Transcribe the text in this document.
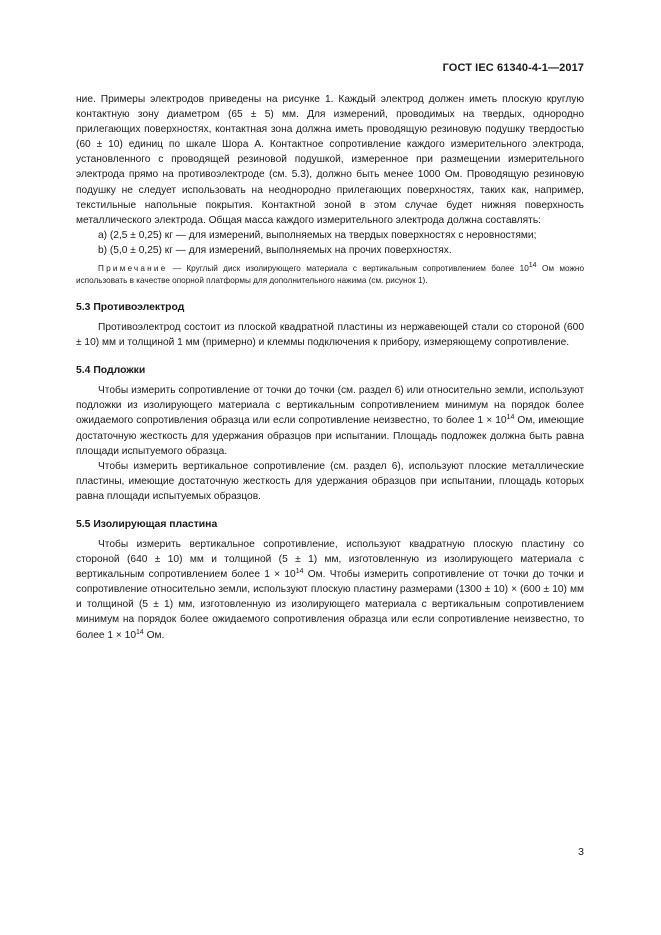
ГОСТ IEC 61340-4-1—2017

ние. Примеры электродов приведены на рисунке 1. Каждый электрод должен иметь плоскую круглую контактную зону диаметром (65 ± 5) мм. Для измерений, проводимых на твердых, однородно прилегающих поверхностях, контактная зона должна иметь проводящую резиновую подушку твердостью (60 ± 10) единиц по шкале Шора А. Контактное сопротивление каждого измерительного электрода, установленного с проводящей резиновой подушкой, измеренное при размещении измерительного электрода прямо на противоэлектроде (см. 5.3), должно быть менее 1000 Ом. Проводящую резиновую подушку не следует использовать на неоднородно прилегающих поверхностях, таких как, например, текстильные напольные покрытия. Контактной зоной в этом случае будет нижняя поверхность металлического электрода. Общая масса каждого измерительного электрода должна составлять:

а) (2,5 ± 0,25) кг — для измерений, выполняемых на твердых поверхностях с неровностями;

b) (5,0 ± 0,25) кг — для измерений, выполняемых на прочих поверхностях.

Примечание — Круглый диск изолирующего материала с вертикальным сопротивлением более $10^{14}$ Ом можно использовать в качестве опорной платформы для дополнительного нажима (см. рисунок 1).
5.3 Противоэлектрод

Противоэлектрод состоит из плоской квадратной пластины из нержавеющей стали со стороной (600 ± 10) мм и толщиной 1 мм (примерно) и клеммы подключения к прибору, измеряющему сопротивление.

5.4 Подложки

Чтобы измерить сопротивление от точки до точки (см. раздел 6) или относительно земли, используют подложки из изолирующего материала с вертикальным сопротивлением минимум на порядок более ожидаемого сопротивления образца или если сопротивление неизвестно, то более $1 \times 10^{14}$ Ом, имеющие достаточную жесткость для удержания образцов при испытании. Площадь подложек должна быть равна площади испытуемого образца.

Чтобы измерить вертикальное сопротивление (см. раздел 6), используют плоские металлические пластины, имеющие достаточную жесткость для удержания образцов при испытании, площадь которых равна площади испытуемых образцов.

5.5 Изолирующая пластина

Чтобы измерить вертикальное сопротивление, используют квадратную плоскую пластину со стороной (640 ± 10) мм и толщиной (5 ± 1) мм, изготовленную из изолирующего материала с вертикальным сопротивлением более $1 \times 10^{14}$ Ом. Чтобы измерить сопротивление от точки до точки и сопротивление относительно земли, используют плоскую пластину размерами (1300 ± 10) × (600 ± 10) мм и толщиной (5 ± 1) мм, изготовленную из изолирующего материала с вертикальным сопротивлением минимум на порядок более ожидаемого сопротивления образца или если сопротивление неизвестно, то более $1 \times 10^{14}$ Ом.

3
